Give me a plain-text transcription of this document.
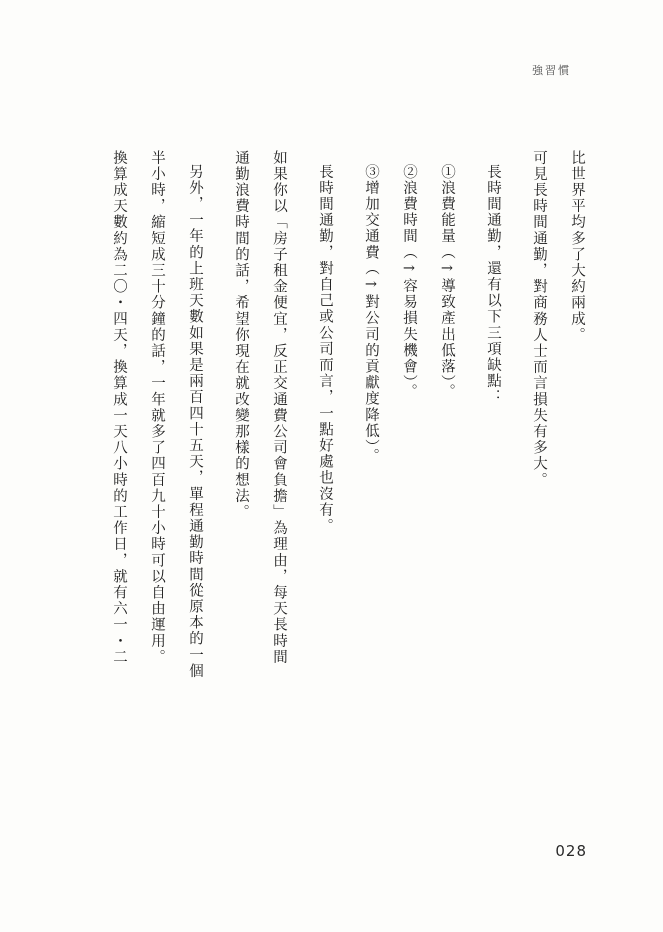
強習慣
比世界平均多了大約兩成。
可見長時間通勤，對商務人士而言損失有多大。
長時間通勤，還有以下三項缺點：
①浪費能量（→導致產出低落）。
②浪費時間（→容易損失機會）。
③增加交通費（→對公司的貢獻度降低）。
長時間通勤，對自己或公司而言，一點好處也沒有。
如果你以「房子租金便宜，反正交通費公司會負擔」為理由，每天長時間
通勤浪費時間的話，希望你現在就改變那樣的想法。
另外，一年的上班天數如果是兩百四十五天，單程通勤時間從原本的一個
半小時，縮短成三十分鐘的話，一年就多了四百九十小時可以自由運用。
換算成天數約為二〇・四天，換算成一天八小時的工作日，就有六一・二
028
